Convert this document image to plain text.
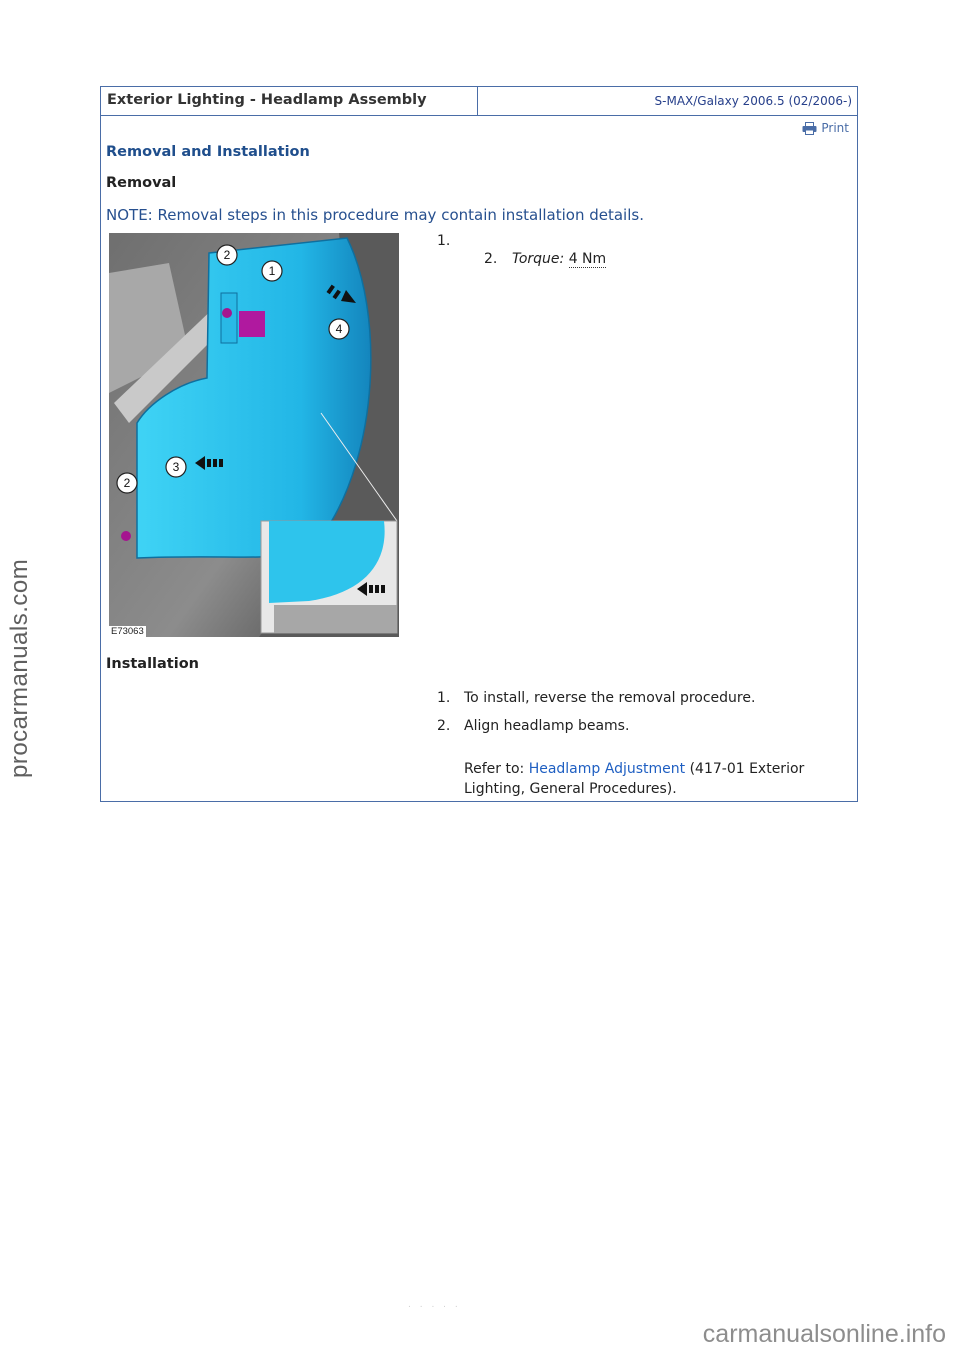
procarmanuals.com
Exterior Lighting - Headlamp Assembly	S-MAX/Galaxy 2006.5 (02/2006-)
Print
Removal and Installation
Removal
NOTE: Removal steps in this procedure may contain installation details.
2
1
4
3
2
E73063
1.
2. Torque: 4 Nm
Installation
1. To install, reverse the removal procedure.
2. Align headlamp beams.
Refer to: Headlamp Adjustment (417-01 Exterior
Lighting, General Procedures).
. . . . .
carmanualsonline.info
